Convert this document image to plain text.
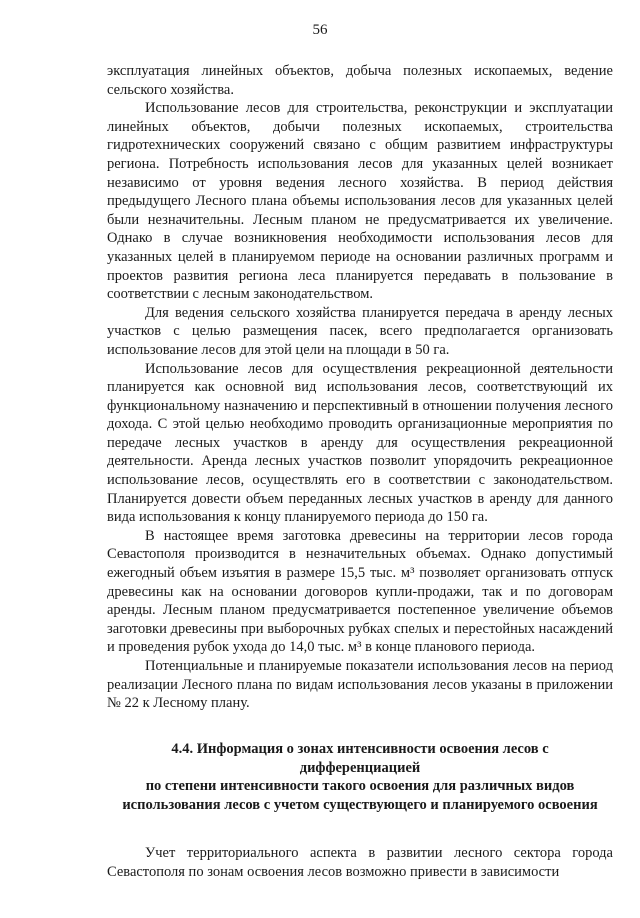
56

эксплуатация линейных объектов, добыча полезных ископаемых, ведение сельского хозяйства.

Использование лесов для строительства, реконструкции и эксплуатации линейных объектов, добычи полезных ископаемых, строительства гидротехнических сооружений связано с общим развитием инфраструктуры региона. Потребность использования лесов для указанных целей возникает независимо от уровня ведения лесного хозяйства. В период действия предыдущего Лесного плана объемы использования лесов для указанных целей были незначительны. Лесным планом не предусматривается их увеличение. Однако в случае возникновения необходимости использования лесов для указанных целей в планируемом периоде на основании различных программ и проектов развития региона леса планируется передавать в пользование в соответствии с лесным законодательством.

Для ведения сельского хозяйства планируется передача в аренду лесных участков с целью размещения пасек, всего предполагается организовать использование лесов для этой цели на площади в 50 га.

Использование лесов для осуществления рекреационной деятельности планируется как основной вид использования лесов, соответствующий их функциональному назначению и перспективный в отношении получения лесного дохода. С этой целью необходимо проводить организационные мероприятия по передаче лесных участков в аренду для осуществления рекреационной деятельности. Аренда лесных участков позволит упорядочить рекреационное использование лесов, осуществлять его в соответствии с законодательством. Планируется довести объем переданных лесных участков в аренду для данного вида использования к концу планируемого периода до 150 га.

В настоящее время заготовка древесины на территории лесов города Севастополя производится в незначительных объемах. Однако допустимый ежегодный объем изъятия в размере 15,5 тыс. м³ позволяет организовать отпуск древесины как на основании договоров купли-продажи, так и по договорам аренды. Лесным планом предусматривается постепенное увеличение объемов заготовки древесины при выборочных рубках спелых и перестойных насаждений и проведения рубок ухода до 14,0 тыс. м³ в конце планового периода.

Потенциальные и планируемые показатели использования лесов на период реализации Лесного плана по видам использования лесов указаны в приложении № 22 к Лесному плану.

4.4. Информация о зонах интенсивности освоения лесов с
дифференциацией
по степени интенсивности такого освоения для различных видов
использования лесов с учетом существующего и планируемого освоения

Учет территориального аспекта в развитии лесного сектора города Севастополя по зонам освоения лесов возможно привести в зависимости
